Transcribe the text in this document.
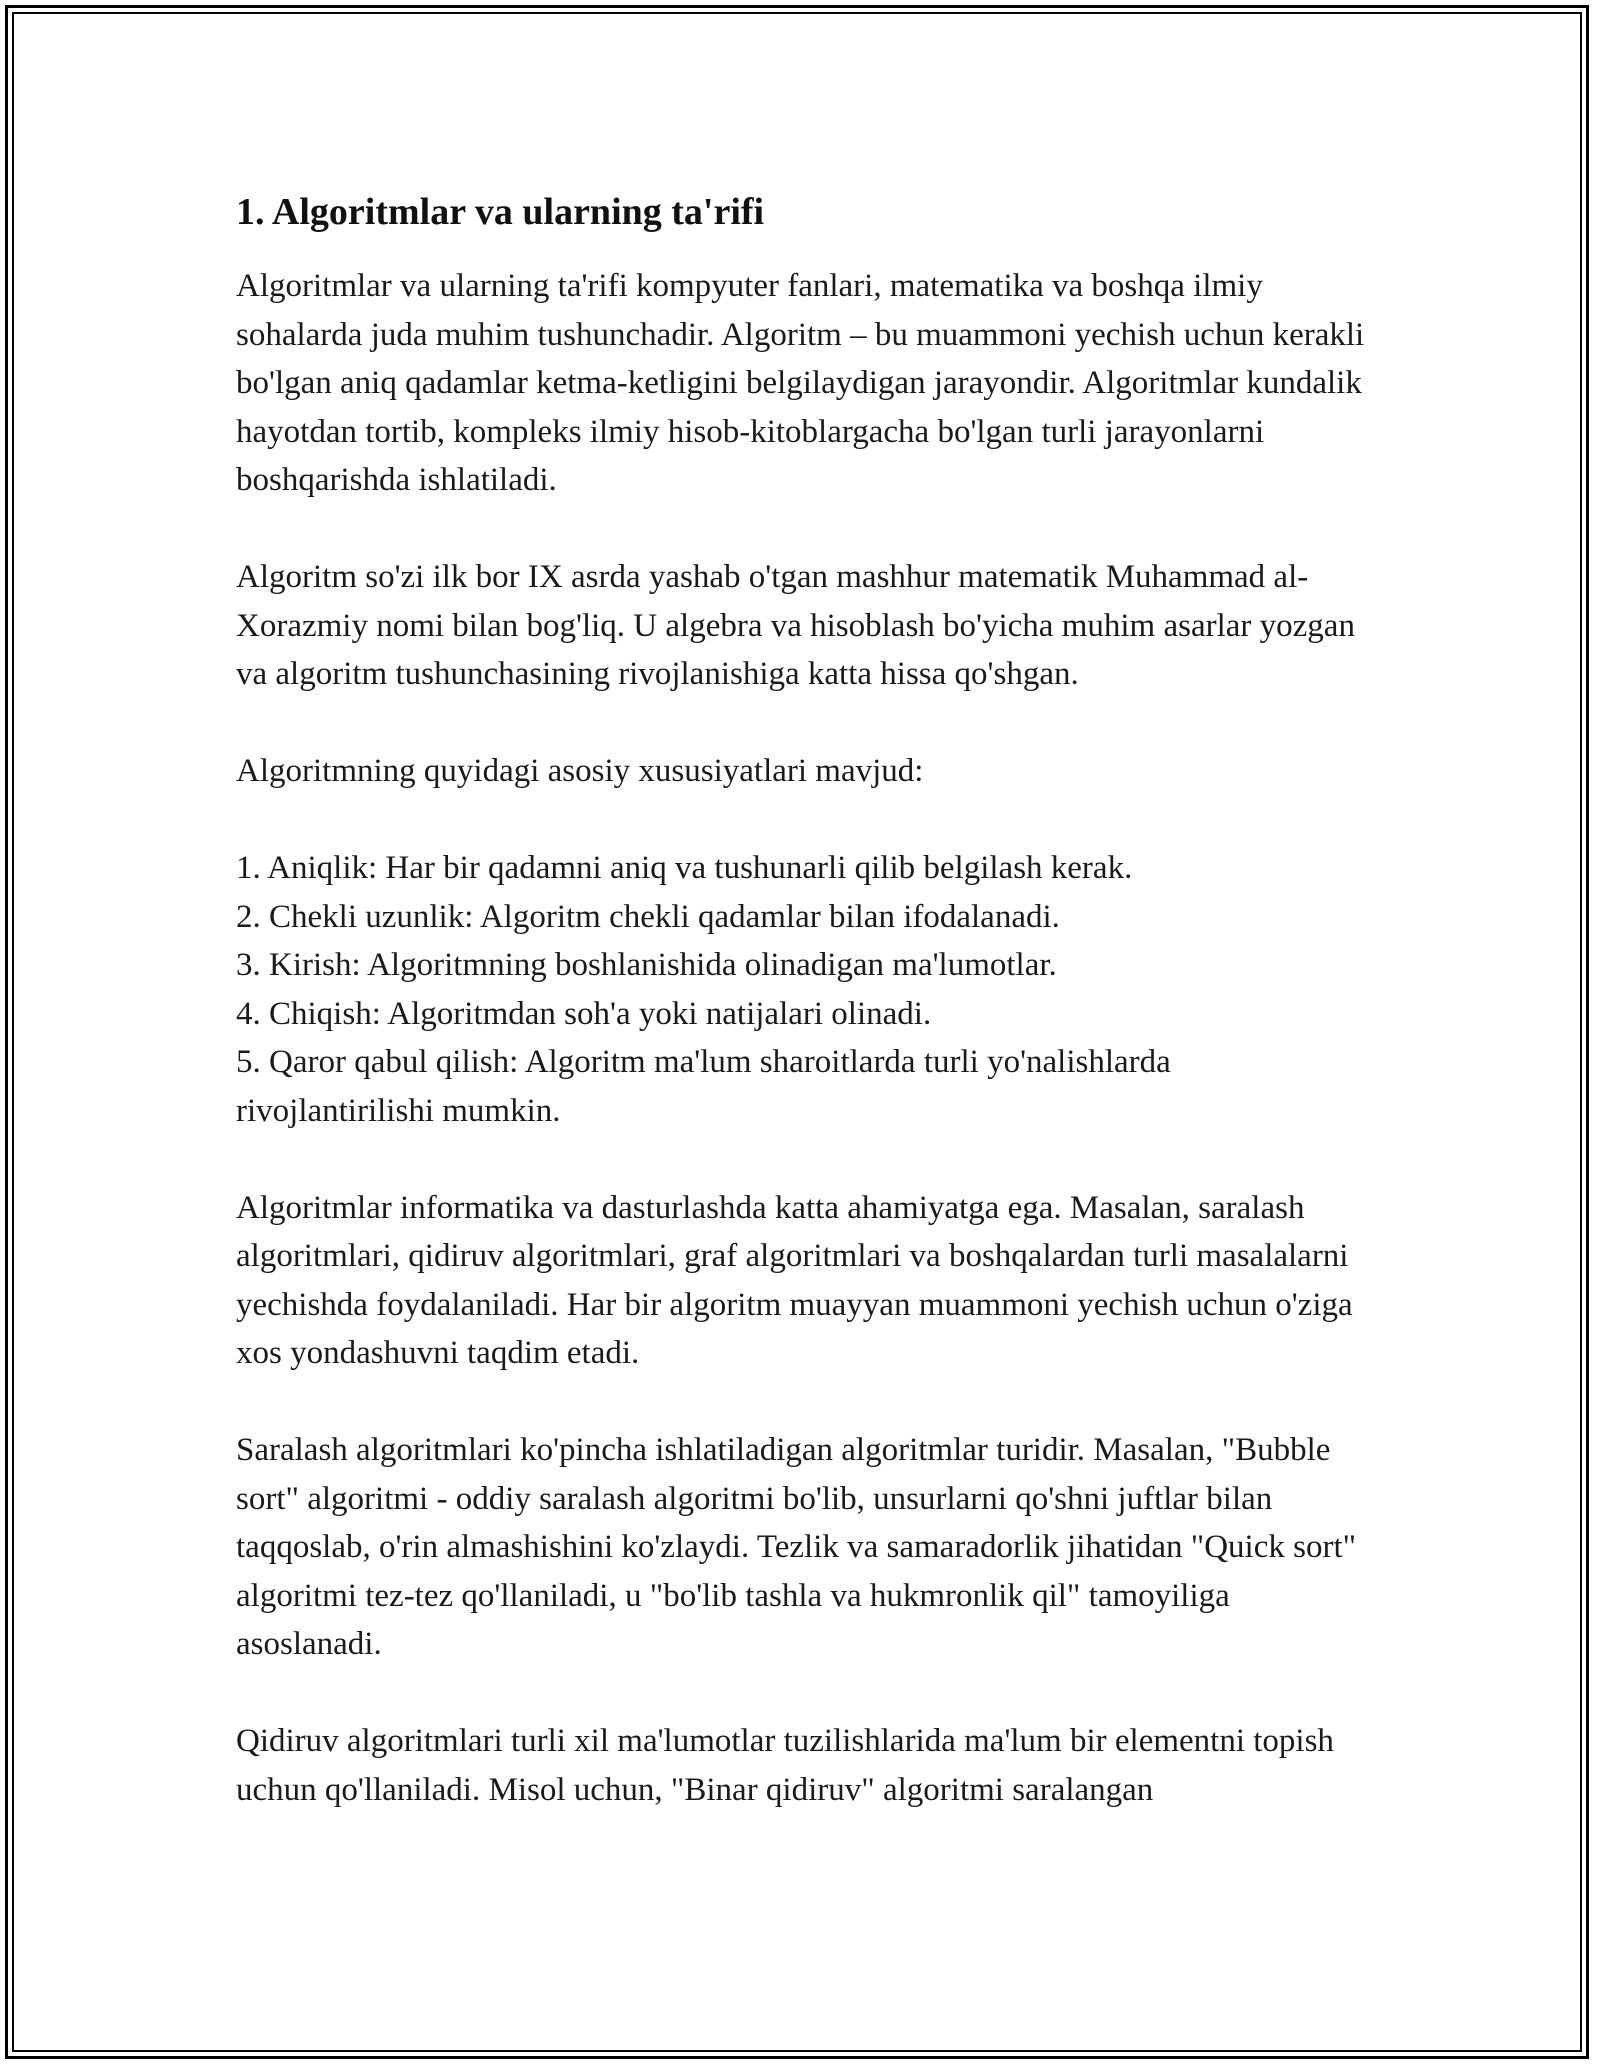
1. Algoritmlar va ularning ta'rifi

Algoritmlar va ularning ta'rifi kompyuter fanlari, matematika va boshqa ilmiy sohalarda juda muhim tushunchadir. Algoritm – bu muammoni yechish uchun kerakli bo'lgan aniq qadamlar ketma-ketligini belgilaydigan jarayondir. Algoritmlar kundalik hayotdan tortib, kompleks ilmiy hisob-kitoblargacha bo'lgan turli jarayonlarni boshqarishda ishlatiladi.

Algoritm so'zi ilk bor IX asrda yashab o'tgan mashhur matematik Muhammad al-Xorazmiy nomi bilan bog'liq. U algebra va hisoblash bo'yicha muhim asarlar yozgan va algoritm tushunchasining rivojlanishiga katta hissa qo'shgan.

Algoritmning quyidagi asosiy xususiyatlari mavjud:

1. Aniqlik: Har bir qadamni aniq va tushunarli qilib belgilash kerak.
2. Chekli uzunlik: Algoritm chekli qadamlar bilan ifodalanadi.
3. Kirish: Algoritmning boshlanishida olinadigan ma'lumotlar.
4. Chiqish: Algoritmdan soh'a yoki natijalari olinadi.
5. Qaror qabul qilish: Algoritm ma'lum sharoitlarda turli yo'nalishlarda rivojlantirilishi mumkin.

Algoritmlar informatika va dasturlashda katta ahamiyatga ega. Masalan, saralash algoritmlari, qidiruv algoritmlari, graf algoritmlari va boshqalardan turli masalalarni yechishda foydalaniladi. Har bir algoritm muayyan muammoni yechish uchun o'ziga xos yondashuvni taqdim etadi.

Saralash algoritmlari ko'pincha ishlatiladigan algoritmlar turidir. Masalan, "Bubble sort" algoritmi - oddiy saralash algoritmi bo'lib, unsurlarni qo'shni juftlar bilan taqqoslab, o'rin almashishini ko'zlaydi. Tezlik va samaradorlik jihatidan "Quick sort" algoritmi tez-tez qo'llaniladi, u "bo'lib tashla va hukmronlik qil" tamoyiliga asoslanadi.

Qidiruv algoritmlari turli xil ma'lumotlar tuzilishlarida ma'lum bir elementni topish uchun qo'llaniladi. Misol uchun, "Binar qidiruv" algoritmi saralangan
